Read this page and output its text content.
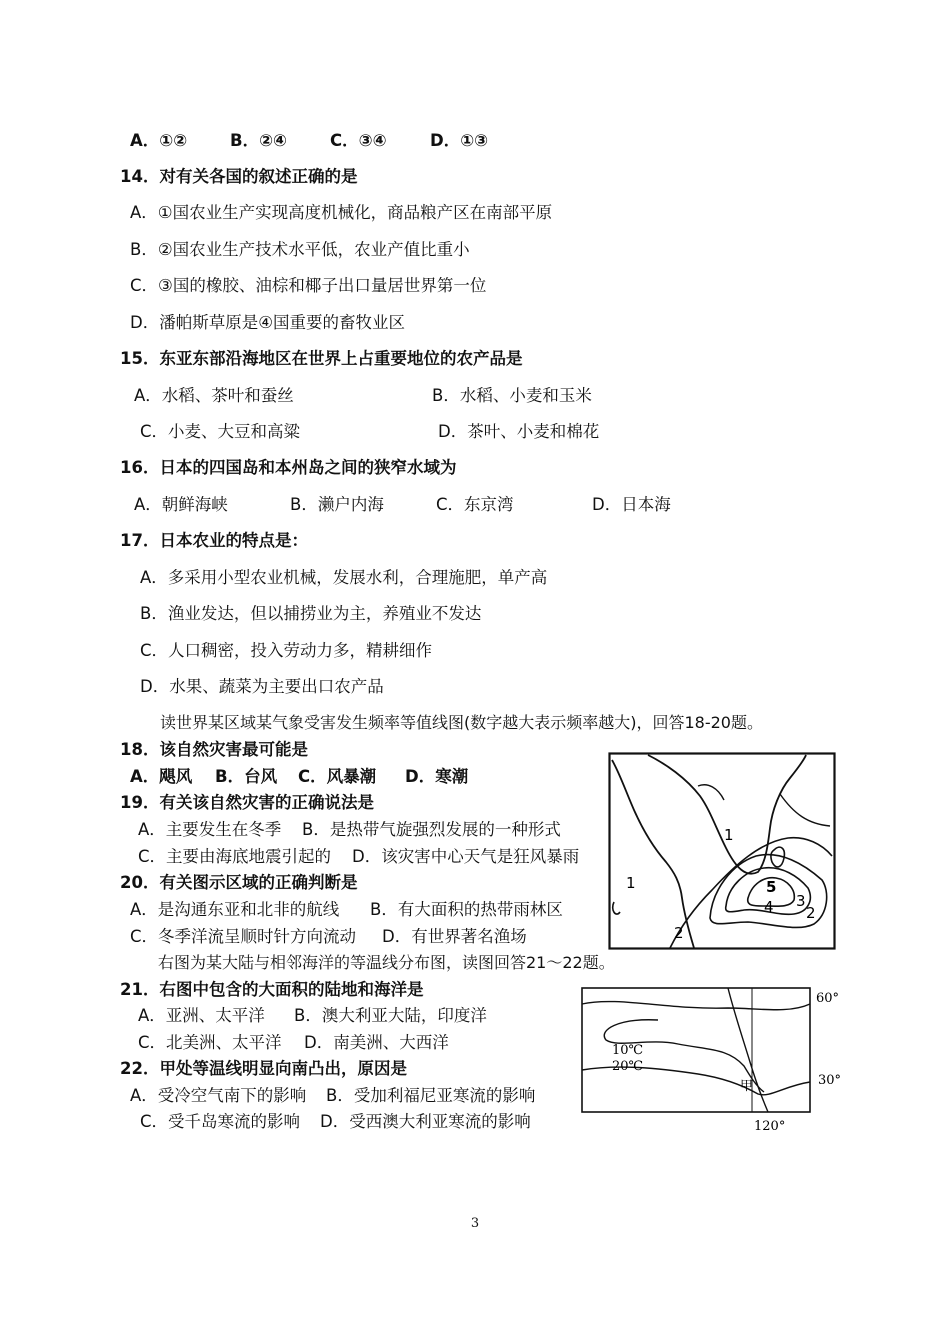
A．①②	B．②④	C．③④	D．①③
14．对有关各国的叙述正确的是
A．①国农业生产实现高度机械化，商品粮产区在南部平原
B．②国农业生产技术水平低，农业产值比重小
C．③国的橡胶、油棕和椰子出口量居世界第一位
D．潘帕斯草原是④国重要的畜牧业区
15．东亚东部沿海地区在世界上占重要地位的农产品是
A．水稻、茶叶和蚕丝	B．水稻、小麦和玉米
C．小麦、大豆和高粱	D．茶叶、小麦和棉花
16．日本的四国岛和本州岛之间的狭窄水域为
A．朝鲜海峡	B．濑户内海	C．东京湾	D．日本海
17．日本农业的特点是：
A．多采用小型农业机械，发展水利，合理施肥，单产高
B．渔业发达，但以捕捞业为主，养殖业不发达
C．人口稠密，投入劳动力多，精耕细作
D．水果、蔬菜为主要出口农产品
读世界某区域某气象受害发生频率等值线图(数字越大表示频率越大)，回答18-20题。
18．该自然灾害最可能是
A．飓风 B．台风 C．风暴潮 D．寒潮
19．有关该自然灾害的正确说法是
A．主要发生在冬季 B．是热带气旋强烈发展的一种形式
C．主要由海底地震引起的 D．该灾害中心天气是狂风暴雨
20．有关图示区域的正确判断是
A．是沟通东亚和北非的航线 B．有大面积的热带雨林区
C．冬季洋流呈顺时针方向流动 D．有世界著名渔场
右图为某大陆与相邻海洋的等温线分布图，读图回答21～22题。
21．右图中包含的大面积的陆地和海洋是
A．亚洲、太平洋 B．澳大利亚大陆，印度洋
C．北美洲、太平洋 D．南美洲、大西洋
22．甲处等温线明显向南凸出，原因是
A．受冷空气南下的影响 B．受加利福尼亚寒流的影响
C．受千岛寒流的影响 D．受西澳大利亚寒流的影响
1
1
2
3
2
4
5
10℃
20℃
甲
60°
30°
120°
3
